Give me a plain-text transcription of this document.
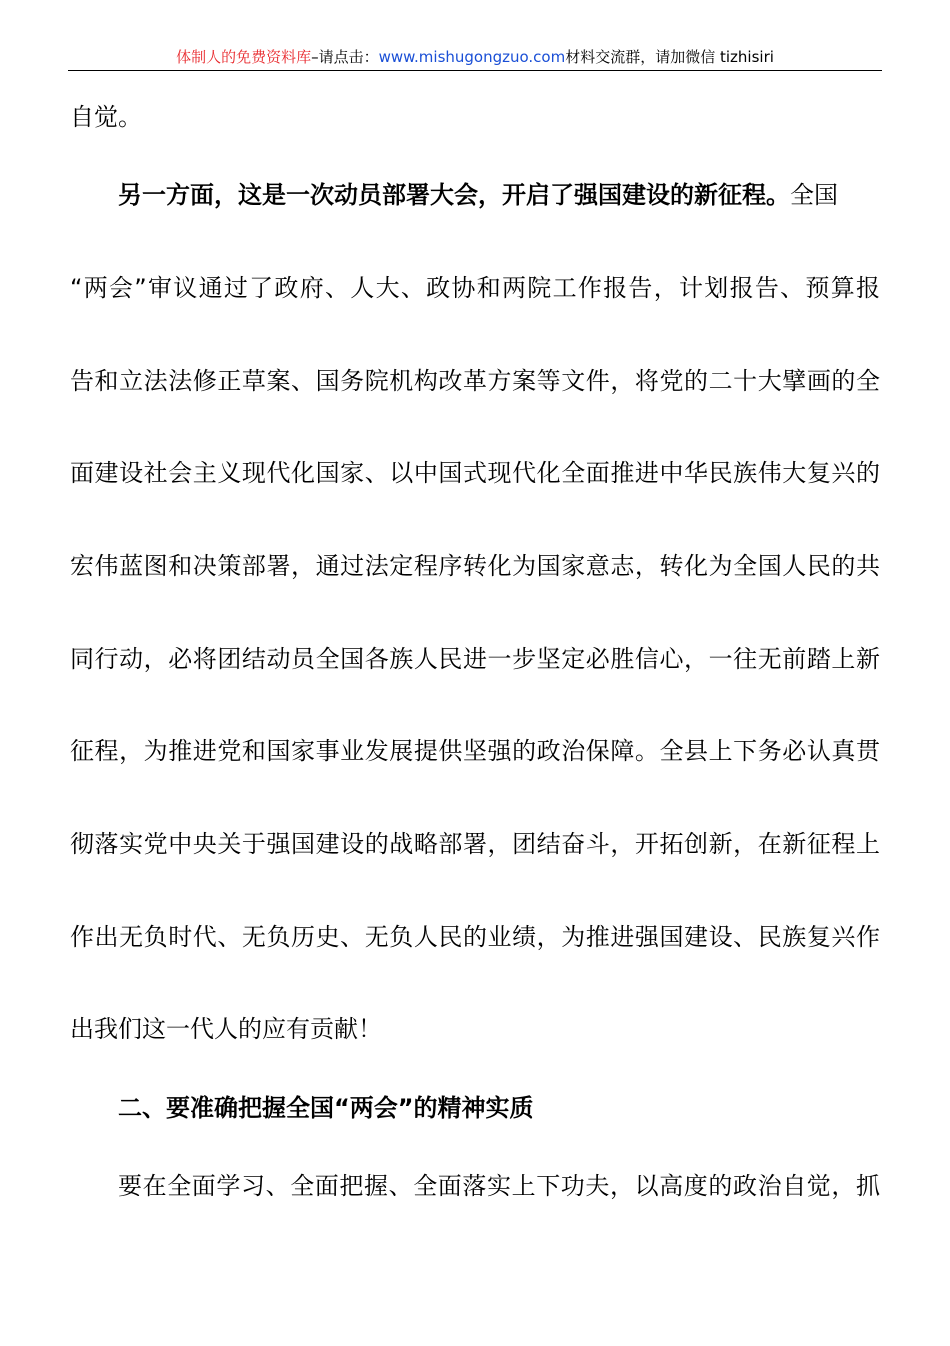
体制人的免费资料库–请点击：www.mishugongzuo.com材料交流群，请加微信 tizhisiri
自觉。
另一方面，这是一次动员部署大会，开启了强国建设的新征程。全国
“两会”审议通过了政府、人大、政协和两院工作报告，计划报告、预算报
告和立法法修正草案、国务院机构改革方案等文件，将党的二十大擘画的全
面建设社会主义现代化国家、以中国式现代化全面推进中华民族伟大复兴的
宏伟蓝图和决策部署，通过法定程序转化为国家意志，转化为全国人民的共
同行动，必将团结动员全国各族人民进一步坚定必胜信心，一往无前踏上新
征程，为推进党和国家事业发展提供坚强的政治保障。全县上下务必认真贯
彻落实党中央关于强国建设的战略部署，团结奋斗，开拓创新，在新征程上
作出无负时代、无负历史、无负人民的业绩，为推进强国建设、民族复兴作
出我们这一代人的应有贡献！
二、要准确把握全国“两会”的精神实质
要在全面学习、全面把握、全面落实上下功夫，以高度的政治自觉，抓
